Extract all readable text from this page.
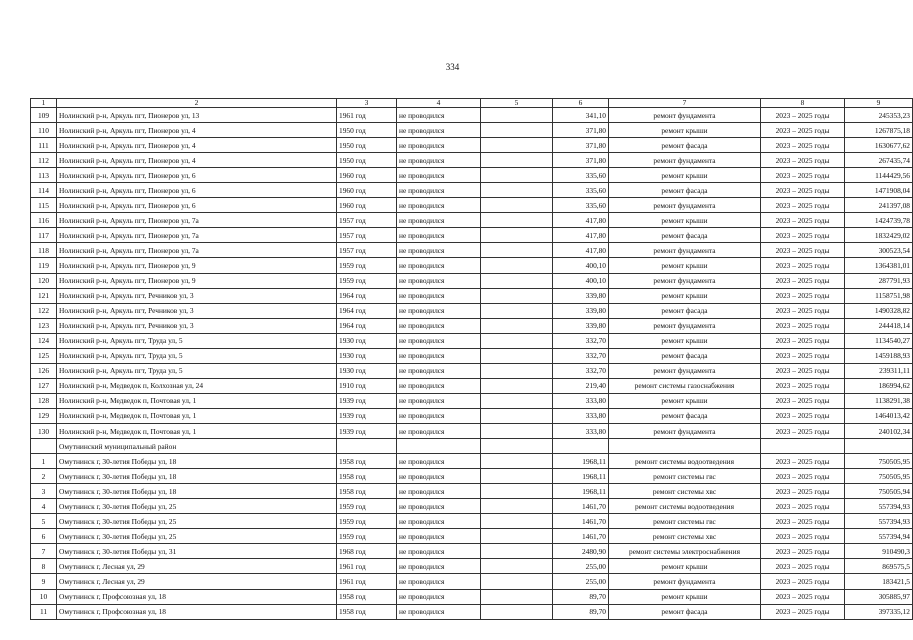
334
1	2	3	4	5	6	7	8	9
109	Нолинский р-н, Аркуль пгт, Пионеров ул, 13	1961 год	не проводился		341,10	ремонт фундамента	2023 – 2025 годы	245353,23
110	Нолинский р-н, Аркуль пгт, Пионеров ул, 4	1950 год	не проводился		371,80	ремонт крыши	2023 – 2025 годы	1267875,18
111	Нолинский р-н, Аркуль пгт, Пионеров ул, 4	1950 год	не проводился		371,80	ремонт фасада	2023 – 2025 годы	1630677,62
112	Нолинский р-н, Аркуль пгт, Пионеров ул, 4	1950 год	не проводился		371,80	ремонт фундамента	2023 – 2025 годы	267435,74
113	Нолинский р-н, Аркуль пгт, Пионеров ул, 6	1960 год	не проводился		335,60	ремонт крыши	2023 – 2025 годы	1144429,56
114	Нолинский р-н, Аркуль пгт, Пионеров ул, 6	1960 год	не проводился		335,60	ремонт фасада	2023 – 2025 годы	1471908,04
115	Нолинский р-н, Аркуль пгт, Пионеров ул, 6	1960 год	не проводился		335,60	ремонт фундамента	2023 – 2025 годы	241397,08
116	Нолинский р-н, Аркуль пгт, Пионеров ул, 7а	1957 год	не проводился		417,80	ремонт крыши	2023 – 2025 годы	1424739,78
117	Нолинский р-н, Аркуль пгт, Пионеров ул, 7а	1957 год	не проводился		417,80	ремонт фасада	2023 – 2025 годы	1832429,02
118	Нолинский р-н, Аркуль пгт, Пионеров ул, 7а	1957 год	не проводился		417,80	ремонт фундамента	2023 – 2025 годы	300523,54
119	Нолинский р-н, Аркуль пгт, Пионеров ул, 9	1959 год	не проводился		400,10	ремонт крыши	2023 – 2025 годы	1364381,01
120	Нолинский р-н, Аркуль пгт, Пионеров ул, 9	1959 год	не проводился		400,10	ремонт фундамента	2023 – 2025 годы	287791,93
121	Нолинский р-н, Аркуль пгт, Речников ул, 3	1964 год	не проводился		339,80	ремонт крыши	2023 – 2025 годы	1158751,98
122	Нолинский р-н, Аркуль пгт, Речников ул, 3	1964 год	не проводился		339,80	ремонт фасада	2023 – 2025 годы	1490328,82
123	Нолинский р-н, Аркуль пгт, Речников ул, 3	1964 год	не проводился		339,80	ремонт фундамента	2023 – 2025 годы	244418,14
124	Нолинский р-н, Аркуль пгт, Труда ул, 5	1930 год	не проводился		332,70	ремонт крыши	2023 – 2025 годы	1134540,27
125	Нолинский р-н, Аркуль пгт, Труда ул, 5	1930 год	не проводился		332,70	ремонт фасада	2023 – 2025 годы	1459188,93
126	Нолинский р-н, Аркуль пгт, Труда ул, 5	1930 год	не проводился		332,70	ремонт фундамента	2023 – 2025 годы	239311,11
127	Нолинский р-н, Медведок п, Колхозная ул, 24	1910 год	не проводился		219,40	ремонт системы газоснабжения	2023 – 2025 годы	186994,62
128	Нолинский р-н, Медведок п, Почтовая ул, 1	1939 год	не проводился		333,80	ремонт крыши	2023 – 2025 годы	1138291,38
129	Нолинский р-н, Медведок п, Почтовая ул, 1	1939 год	не проводился		333,80	ремонт фасада	2023 – 2025 годы	1464013,42
130	Нолинский р-н, Медведок п, Почтовая ул, 1	1939 год	не проводился		333,80	ремонт фундамента	2023 – 2025 годы	240102,34
	Омутнинский муниципальный район							
1	Омутнинск г, 30-летия Победы ул, 18	1958 год	не проводился		1968,11	ремонт системы водоотведения	2023 – 2025 годы	750505,95
2	Омутнинск г, 30-летия Победы ул, 18	1958 год	не проводился		1968,11	ремонт системы гвс	2023 – 2025 годы	750505,95
3	Омутнинск г, 30-летия Победы ул, 18	1958 год	не проводился		1968,11	ремонт системы хвс	2023 – 2025 годы	750505,94
4	Омутнинск г, 30-летия Победы ул, 25	1959 год	не проводился		1461,70	ремонт системы водоотведения	2023 – 2025 годы	557394,93
5	Омутнинск г, 30-летия Победы ул, 25	1959 год	не проводился		1461,70	ремонт системы гвс	2023 – 2025 годы	557394,93
6	Омутнинск г, 30-летия Победы ул, 25	1959 год	не проводился		1461,70	ремонт системы хвс	2023 – 2025 годы	557394,94
7	Омутнинск г, 30-летия Победы ул, 31	1968 год	не проводился		2480,90	ремонт системы электроснабжения	2023 – 2025 годы	910490,3
8	Омутнинск г, Лесная ул, 29	1961 год	не проводился		255,00	ремонт крыши	2023 – 2025 годы	869575,5
9	Омутнинск г, Лесная ул, 29	1961 год	не проводился		255,00	ремонт фундамента	2023 – 2025 годы	183421,5
10	Омутнинск г, Профсоюзная ул, 18	1958 год	не проводился		89,70	ремонт крыши	2023 – 2025 годы	305885,97
11	Омутнинск г, Профсоюзная ул, 18	1958 год	не проводился		89,70	ремонт фасада	2023 – 2025 годы	397335,12
